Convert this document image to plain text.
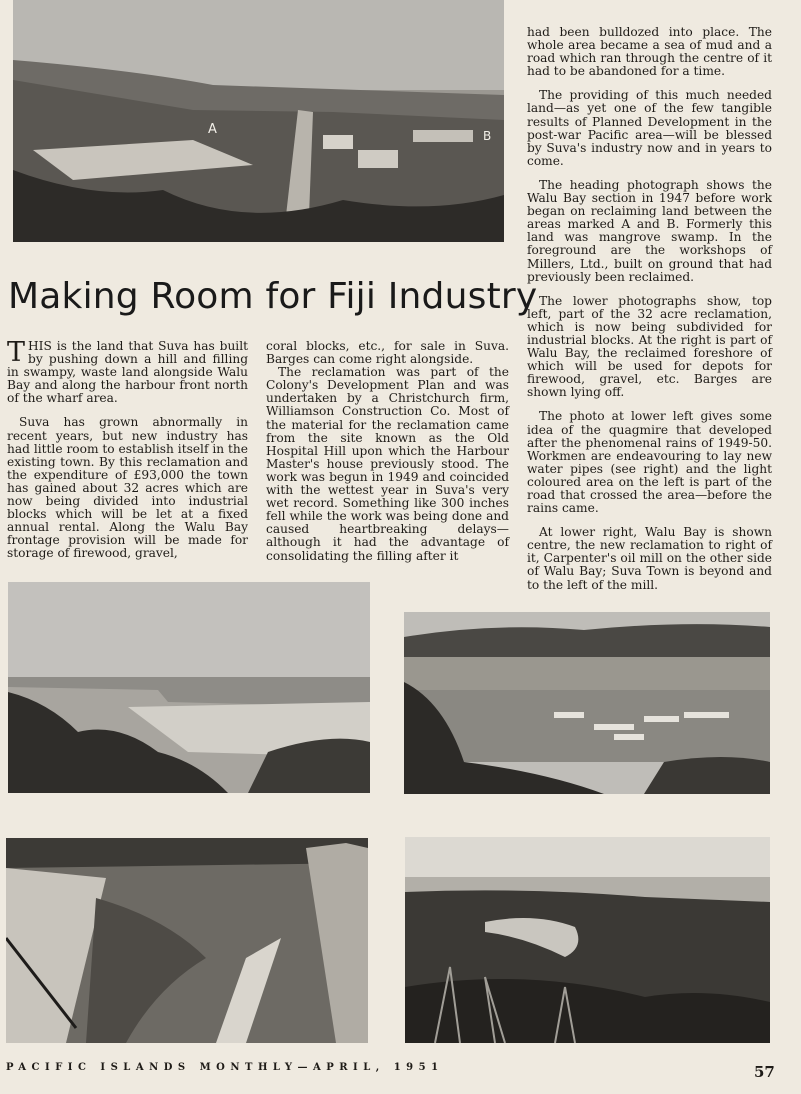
A	B
Making Room for Fiji Industry

THIS is the land that Suva has built by pushing down a hill and filling in swampy, waste land alongside Walu Bay and along the harbour front north of the wharf area.

Suva has grown abnormally in recent years, but new industry has had little room to establish itself in the existing town. By this reclamation and the expenditure of £93,000 the town has gained about 32 acres which are now being divided into industrial blocks which will be let at a fixed annual rental. Along the Walu Bay frontage provision will be made for storage of firewood, gravel,

coral blocks, etc., for sale in Suva. Barges can come right alongside.

The reclamation was part of the Colony's Development Plan and was undertaken by a Christchurch firm, Williamson Construction Co. Most of the material for the reclamation came from the site known as the Old Hospital Hill upon which the Harbour Master's house previously stood. The work was begun in 1949 and coincided with the wettest year in Suva's very wet record. Something like 300 inches fell while the work was being done and caused heartbreaking delays—although it had the advantage of consolidating the filling after it

had been bulldozed into place. The whole area became a sea of mud and a road which ran through the centre of it had to be abandoned for a time.

The providing of this much needed land—as yet one of the few tangible results of Planned Development in the post-war Pacific area—will be blessed by Suva's industry now and in years to come.

The heading photograph shows the Walu Bay section in 1947 before work began on reclaiming land between the areas marked A and B. Formerly this land was mangrove swamp. In the foreground are the workshops of Millers, Ltd., built on ground that had previously been reclaimed.

The lower photographs show, top left, part of the 32 acre reclamation, which is now being subdivided for industrial blocks. At the right is part of Walu Bay, the reclaimed foreshore of which will be used for depots for firewood, gravel, etc. Barges are shown lying off.

The photo at lower left gives some idea of the quagmire that developed after the phenomenal rains of 1949-50. Workmen are endeavouring to lay new water pipes (see right) and the light coloured area on the left is part of the road that crossed the area—before the rains came.

At lower right, Walu Bay is shown centre, the new reclamation to right of it, Carpenter's oil mill on the other side of Walu Bay; Suva Town is beyond and to the left of the mill.

PACIFIC ISLANDS MONTHLY—APRIL, 1951	57
